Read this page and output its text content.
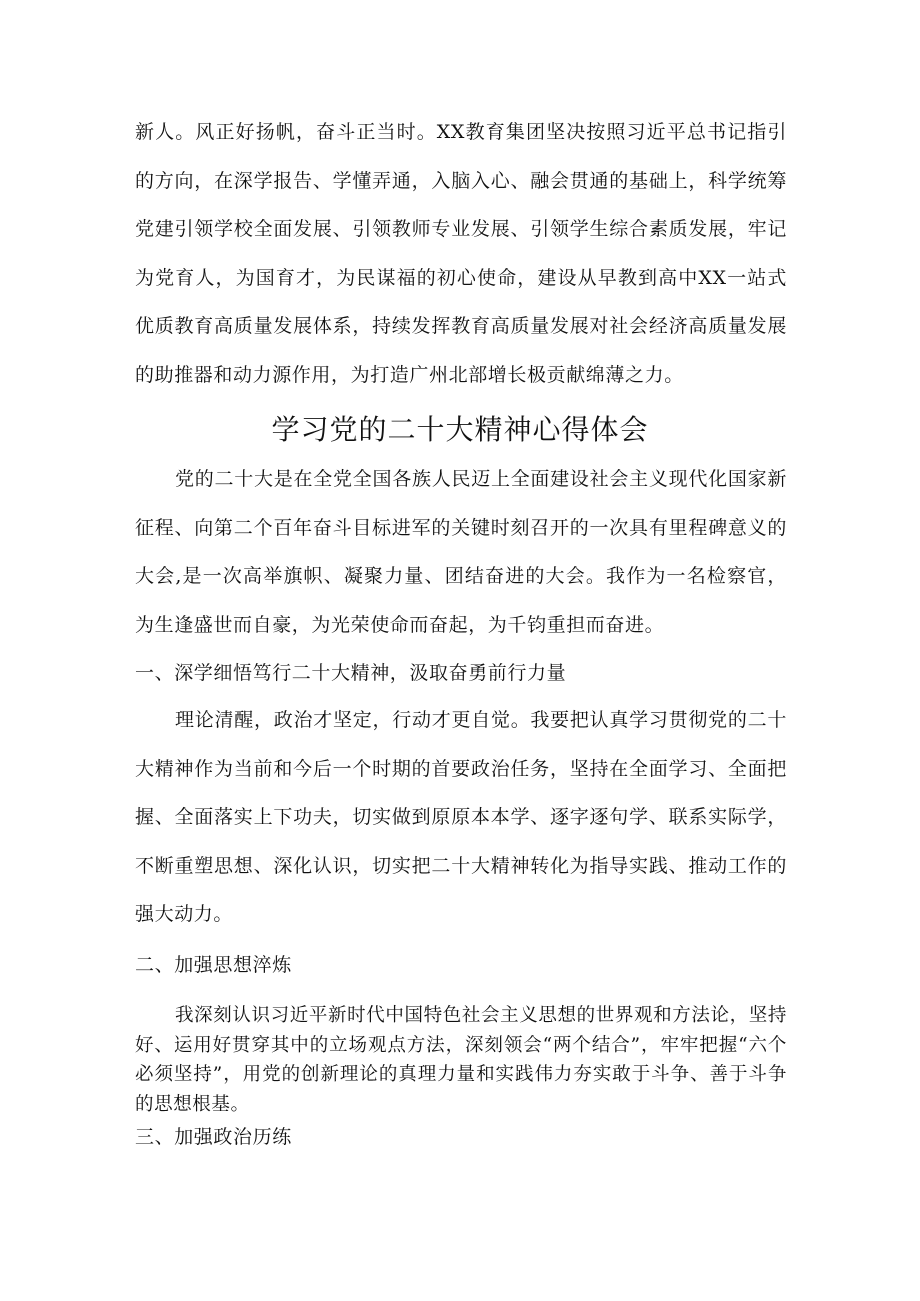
新人。风正好扬帆，奋斗正当时。XX教育集团坚决按照习近平总书记指引的方向，在深学报告、学懂弄通，入脑入心、融会贯通的基础上，科学统筹党建引领学校全面发展、引领教师专业发展、引领学生综合素质发展，牢记为党育人，为国育才，为民谋福的初心使命，建设从早教到高中XX一站式优质教育高质量发展体系，持续发挥教育高质量发展对社会经济高质量发展的助推器和动力源作用，为打造广州北部增长极贡献绵薄之力。

学习党的二十大精神心得体会

党的二十大是在全党全国各族人民迈上全面建设社会主义现代化国家新征程、向第二个百年奋斗目标进军的关键时刻召开的一次具有里程碑意义的大会,是一次高举旗帜、凝聚力量、团结奋进的大会。我作为一名检察官，为生逢盛世而自豪，为光荣使命而奋起，为千钧重担而奋进。

一、深学细悟笃行二十大精神，汲取奋勇前行力量

理论清醒，政治才坚定，行动才更自觉。我要把认真学习贯彻党的二十大精神作为当前和今后一个时期的首要政治任务，坚持在全面学习、全面把握、全面落实上下功夫，切实做到原原本本学、逐字逐句学、联系实际学，不断重塑思想、深化认识，切实把二十大精神转化为指导实践、推动工作的强大动力。

二、加强思想淬炼

我深刻认识习近平新时代中国特色社会主义思想的世界观和方法论，坚持好、运用好贯穿其中的立场观点方法，深刻领会“两个结合”，牢牢把握“六个必须坚持”，用党的创新理论的真理力量和实践伟力夯实敢于斗争、善于斗争的思想根基。

三、加强政治历练
